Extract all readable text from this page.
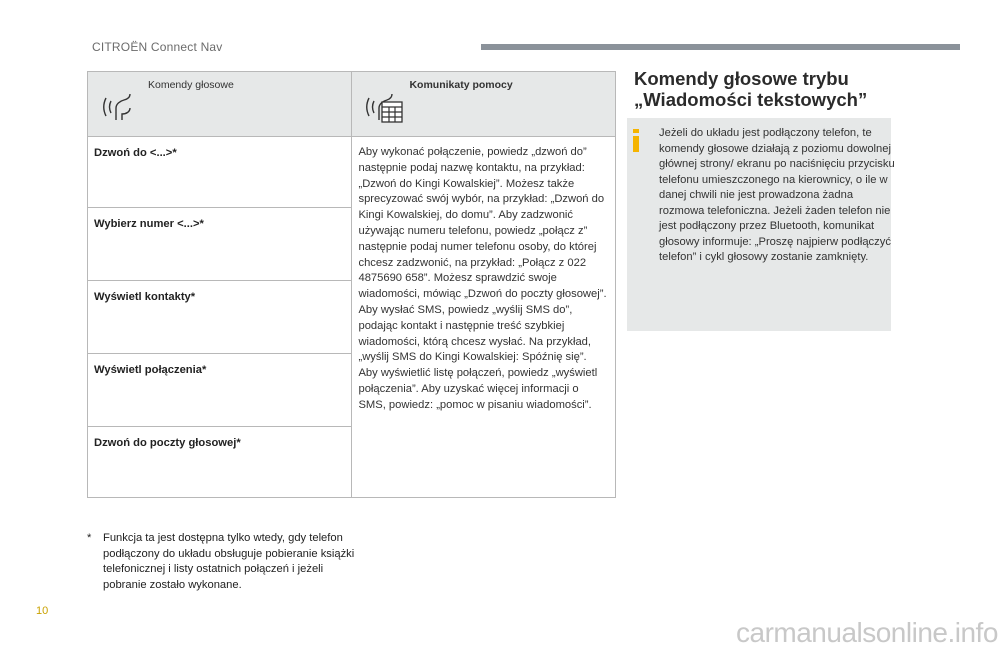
CITROËN Connect Nav
Komendy głosowe	Komunikaty pomocy

Dzwoń do <...>*	Aby wykonać połączenie, powiedz „dzwoń do” następnie podaj nazwę kontaktu, na przykład: „Dzwoń do Kingi Kowalskiej”. Możesz także sprecyzować swój wybór, na przykład: „Dzwoń do Kingi Kowalskiej, do domu”. Aby zadzwonić używając numeru telefonu, powiedz „połącz z” następnie podaj numer telefonu osoby, do której chcesz zadzwonić, na przykład: „Połącz z 022 4875690 658”. Możesz sprawdzić swoje wiadomości, mówiąc „Dzwoń do poczty głosowej”. Aby wysłać SMS, powiedz „wyślij SMS do”, podając kontakt i następnie treść szybkiej wiadomości, którą chcesz wysłać. Na przykład, „wyślij SMS do Kingi Kowalskiej: Spóźnię się”. Aby wyświetlić listę połączeń, powiedz „wyświetl połączenia”. Aby uzyskać więcej informacji o SMS, powiedz: „pomoc w pisaniu wiadomości”.
Wybierz numer <...>*	
Wyświetl kontakty*	
Wyświetl połączenia*	
Dzwoń do poczty głosowej*	
*	Funkcja ta jest dostępna tylko wtedy, gdy telefon podłączony do układu obsługuje pobieranie książki telefonicznej i listy ostatnich połączeń i jeżeli pobranie zostało wykonane.
Komendy głosowe trybu „Wiadomości tekstowych”
Jeżeli do układu jest podłączony telefon, te komendy głosowe działają z poziomu dowolnej głównej strony/ ekranu po naciśnięciu przycisku telefonu umieszczonego na kierownicy, o ile w danej chwili nie jest prowadzona żadna rozmowa telefoniczna. Jeżeli żaden telefon nie jest podłączony przez Bluetooth, komunikat głosowy informuje: „Proszę najpierw podłączyć telefon” i cykl głosowy zostanie zamknięty.
10
carmanualsonline.info
